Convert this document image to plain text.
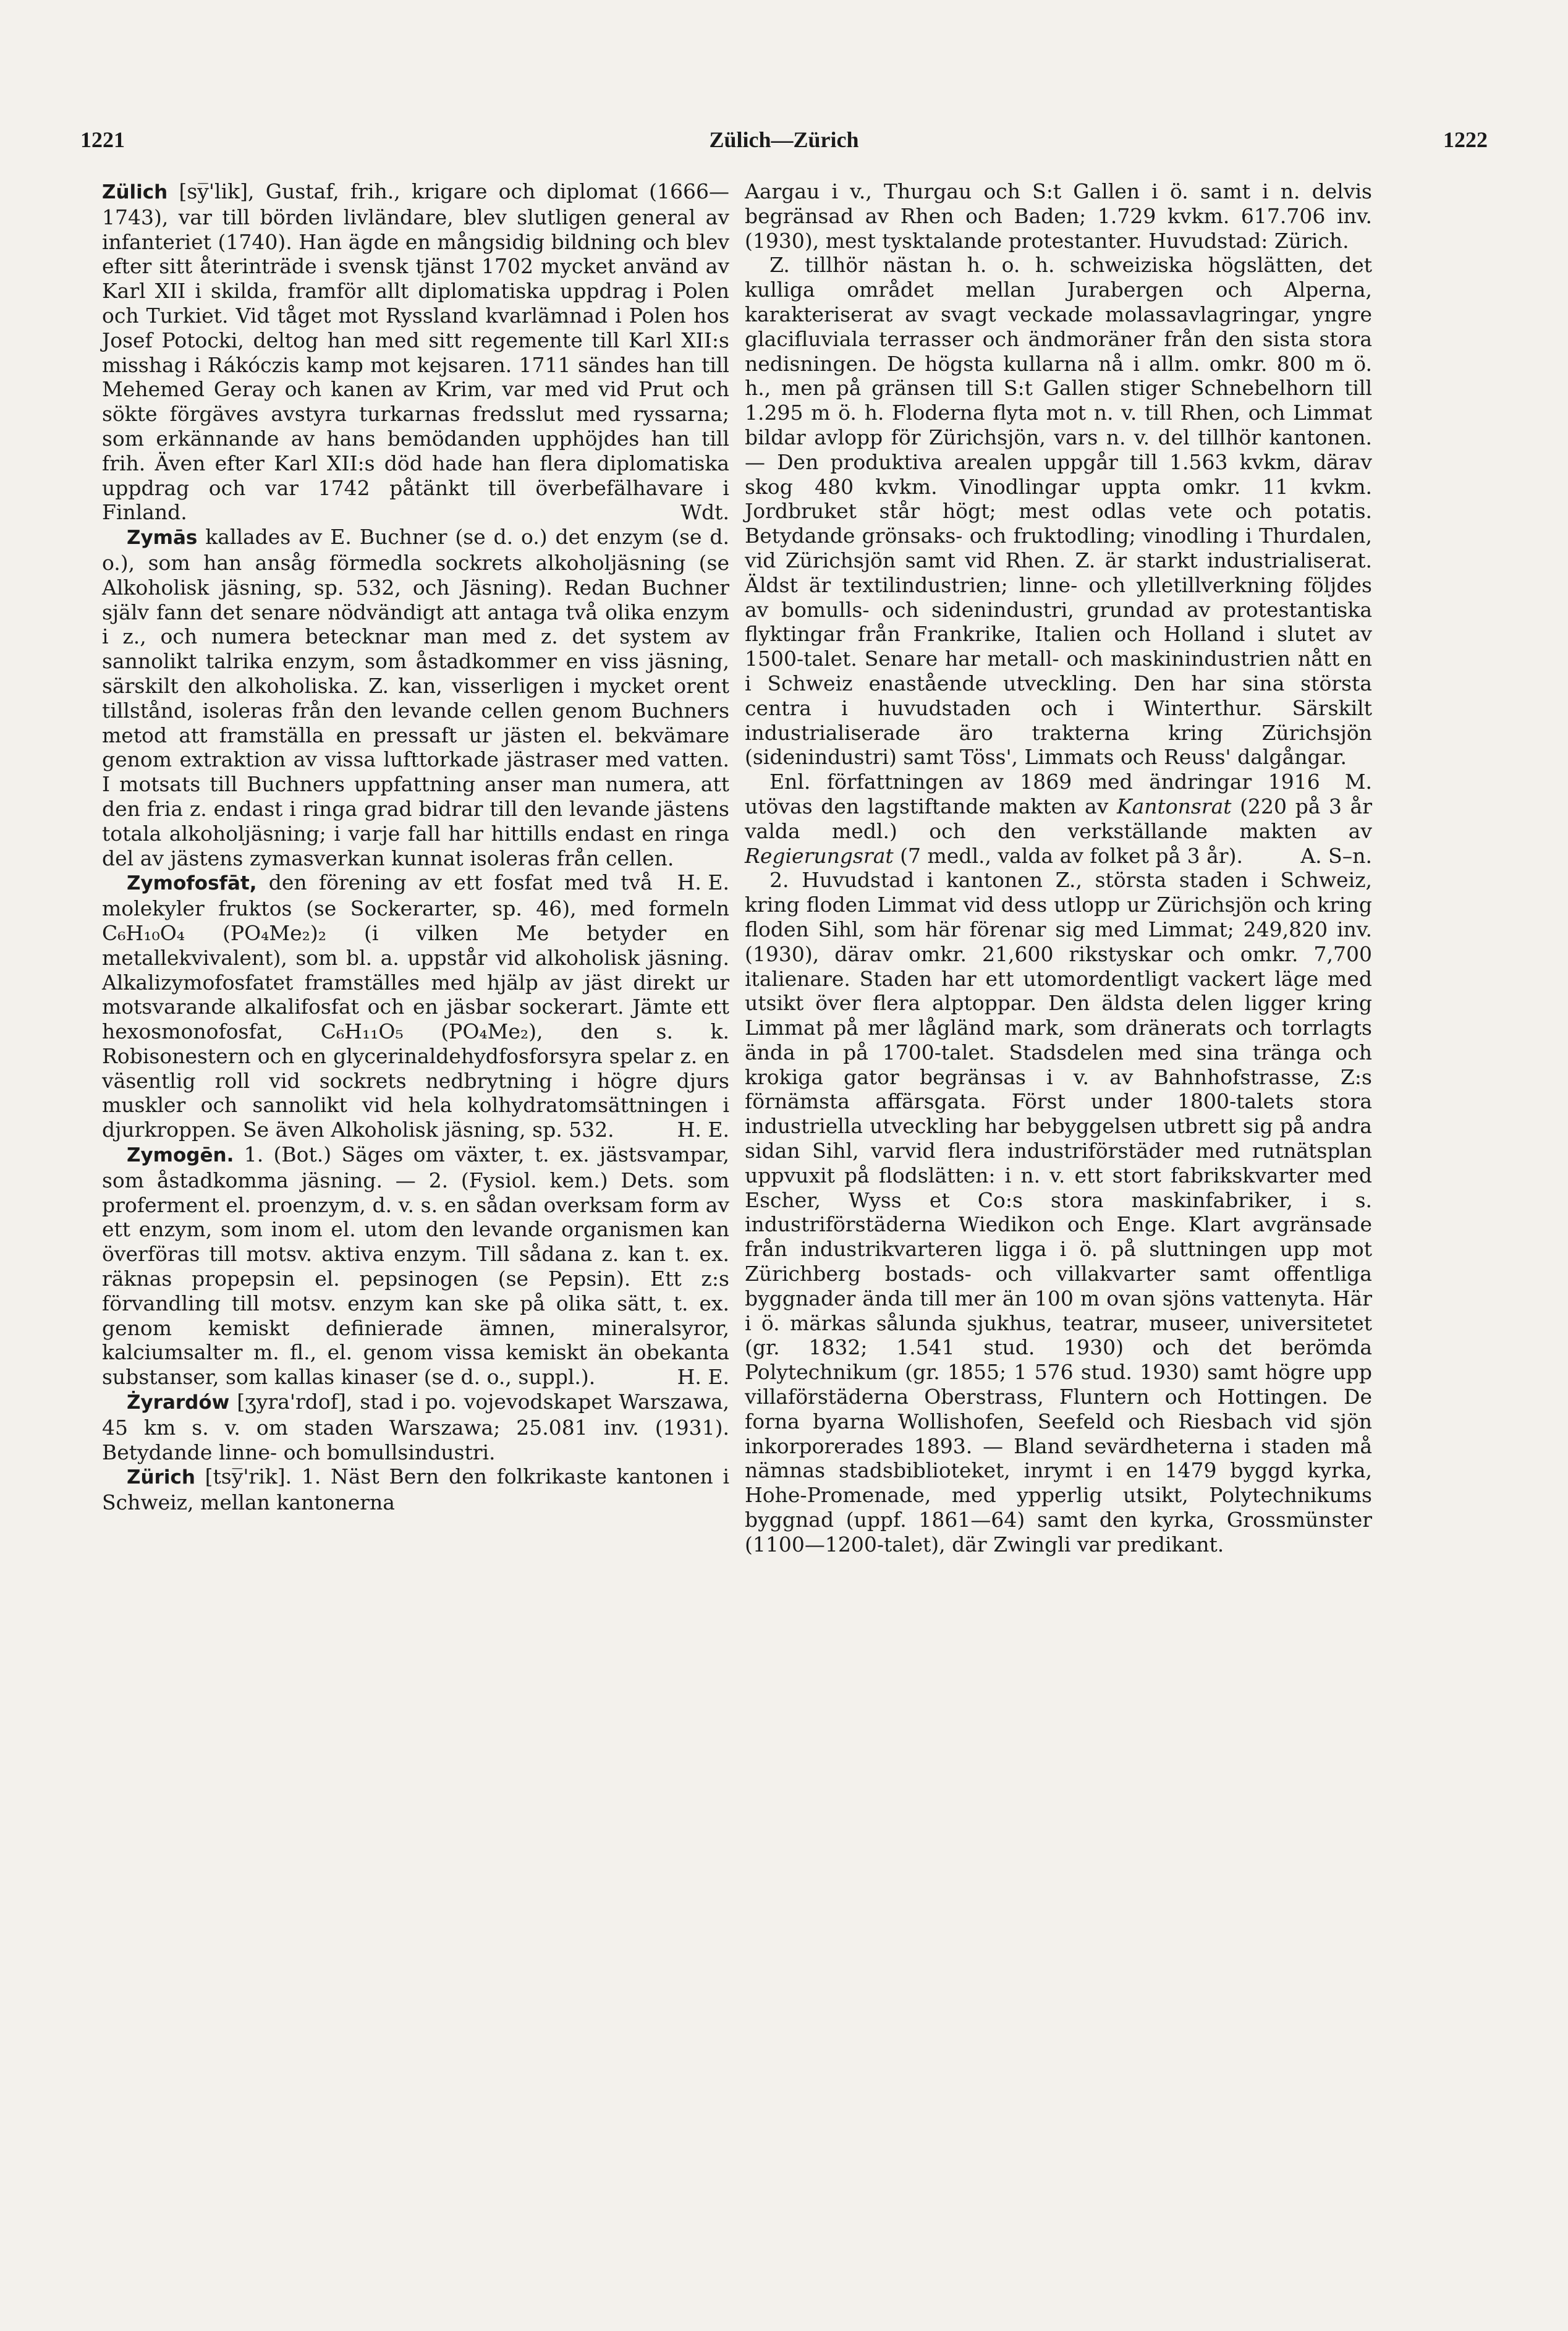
1221	Zülich—Zürich	1222

Zülich [sy̅'lik], Gustaf, frih., krigare och diplomat (1666—1743), var till börden livländare, blev slutligen general av infanteriet (1740). Han ägde en mångsidig bildning och blev efter sitt återinträde i svensk tjänst 1702 mycket använd av Karl XII i skilda, framför allt diplomatiska uppdrag i Polen och Turkiet. Vid tåget mot Ryssland kvarlämnad i Polen hos Josef Potocki, deltog han med sitt regemente till Karl XII:s misshag i Rákóczis kamp mot kejsaren. 1711 sändes han till Mehemed Geray och kanen av Krim, var med vid Prut och sökte förgäves avstyra turkarnas fredsslut med ryssarna; som erkännande av hans bemödanden upphöjdes han till frih. Även efter Karl XII:s död hade han flera diplomatiska uppdrag och var 1742 påtänkt till överbefälhavare i Finland.	Wdt.

Zymās kallades av E. Buchner (se d. o.) det enzym (se d. o.), som han ansåg förmedla sockrets alkoholjäsning (se Alkoholisk jäsning, sp. 532, och Jäsning). Redan Buchner själv fann det senare nödvändigt att antaga två olika enzym i z., och numera betecknar man med z. det system av sannolikt talrika enzym, som åstadkommer en viss jäsning, särskilt den alkoholiska. Z. kan, visserligen i mycket orent tillstånd, isoleras från den levande cellen genom Buchners metod att framställa en pressaft ur jästen el. bekvämare genom extraktion av vissa lufttorkade jästraser med vatten. I motsats till Buchners uppfattning anser man numera, att den fria z. endast i ringa grad bidrar till den levande jästens totala alkoholjäsning; i varje fall har hittills endast en ringa del av jästens zymasverkan kunnat isoleras från cellen.
H. E.

Zymofosfāt, den förening av ett fosfat med två molekyler fruktos (se Sockerarter, sp. 46), med formeln C₆H₁₀O₄ (PO₄Me₂)₂ (i vilken Me betyder en metallekvivalent), som bl. a. uppstår vid alkoholisk jäsning. Alkalizymofosfatet framställes med hjälp av jäst direkt ur motsvarande alkalifosfat och en jäsbar sockerart. Jämte ett hexosmonofosfat, C₆H₁₁O₅ (PO₄Me₂), den s. k. Robisonestern och en glycerinaldehydfosforsyra spelar z. en väsentlig roll vid sockrets nedbrytning i högre djurs muskler och sannolikt vid hela kolhydratomsättningen i djurkroppen. Se även Alkoholisk jäsning, sp. 532.	H. E.

Zymogēn. 1. (Bot.) Säges om växter, t. ex. jästsvampar, som åstadkomma jäsning. — 2. (Fysiol. kem.) Dets. som proferment el. proenzym, d. v. s. en sådan overksam form av ett enzym, som inom el. utom den levande organismen kan överföras till motsv. aktiva enzym. Till sådana z. kan t. ex. räknas propepsin el. pepsinogen (se Pepsin). Ett z:s förvandling till motsv. enzym kan ske på olika sätt, t. ex. genom kemiskt definierade ämnen, mineralsyror, kalciumsalter m. fl., el. genom vissa kemiskt än obekanta substanser, som kallas kinaser (se d. o., suppl.).	H. E.

Żyrardów [ʒyra'rdof], stad i po. vojevodskapet Warszawa, 45 km s. v. om staden Warszawa; 25.081 inv. (1931). Betydande linne- och bomullsindustri.

Zürich [tsy̅'rik]. 1. Näst Bern den folkrikaste kantonen i Schweiz, mellan kantonerna

Aargau i v., Thurgau och S:t Gallen i ö. samt i n. delvis begränsad av Rhen och Baden; 1.729 kvkm. 617.706 inv. (1930), mest tysktalande protestanter. Huvudstad: Zürich.

Z. tillhör nästan h. o. h. schweiziska högslätten, det kulliga området mellan Jurabergen och Alperna, karakteriserat av svagt veckade molassavlagringar, yngre glacifluviala terrasser och ändmoräner från den sista stora nedisningen. De högsta kullarna nå i allm. omkr. 800 m ö. h., men på gränsen till S:t Gallen stiger Schnebelhorn till 1.295 m ö. h. Floderna flyta mot n. v. till Rhen, och Limmat bildar avlopp för Zürichsjön, vars n. v. del tillhör kantonen. — Den produktiva arealen uppgår till 1.563 kvkm, därav skog 480 kvkm. Vinodlingar uppta omkr. 11 kvkm. Jordbruket står högt; mest odlas vete och potatis. Betydande grönsaks- och fruktodling; vinodling i Thurdalen, vid Zürichsjön samt vid Rhen. Z. är starkt industrialiserat. Äldst är textilindustrien; linne- och ylletillverkning följdes av bomulls- och sidenindustri, grundad av protestantiska flyktingar från Frankrike, Italien och Holland i slutet av 1500-talet. Senare har metall- och maskinindustrien nått en i Schweiz enastående utveckling. Den har sina största centra i huvudstaden och i Winterthur. Särskilt industrialiserade äro trakterna kring Zürichsjön (sidenindustri) samt Töss', Limmats och Reuss' dalgångar.
M.

Enl. författningen av 1869 med ändringar 1916 utövas den lagstiftande makten av Kantonsrat (220 på 3 år valda medl.) och den verkställande makten av Regierungsrat (7 medl., valda av folket på 3 år).	A. S–n.

2. Huvudstad i kantonen Z., största staden i Schweiz, kring floden Limmat vid dess utlopp ur Zürichsjön och kring floden Sihl, som här förenar sig med Limmat; 249,820 inv. (1930), därav omkr. 21,600 rikstyskar och omkr. 7,700 italienare. Staden har ett utomordentligt vackert läge med utsikt över flera alptoppar. Den äldsta delen ligger kring Limmat på mer lågländ mark, som dränerats och torrlagts ända in på 1700-talet. Stadsdelen med sina tränga och krokiga gator begränsas i v. av Bahnhofstrasse, Z:s förnämsta affärsgata. Först under 1800-talets stora industriella utveckling har bebyggelsen utbrett sig på andra sidan Sihl, varvid flera industriförstäder med rutnätsplan uppvuxit på flodslätten: i n. v. ett stort fabrikskvarter med Escher, Wyss et Co:s stora maskinfabriker, i s. industriförstäderna Wiedikon och Enge. Klart avgränsade från industrikvarteren ligga i ö. på sluttningen upp mot Zürichberg bostads- och villakvarter samt offentliga byggnader ända till mer än 100 m ovan sjöns vattenyta. Här i ö. märkas sålunda sjukhus, teatrar, museer, universitetet (gr. 1832; 1.541 stud. 1930) och det berömda Polytechnikum (gr. 1855; 1 576 stud. 1930) samt högre upp villaförstäderna Oberstrass, Fluntern och Hottingen. De forna byarna Wollishofen, Seefeld och Riesbach vid sjön inkorporerades 1893. — Bland sevärdheterna i staden må nämnas stadsbiblioteket, inrymt i en 1479 byggd kyrka, Hohe-Promenade, med ypperlig utsikt, Polytechnikums byggnad (uppf. 1861—64) samt den kyrka, Grossmünster (1100—1200-talet), där Zwingli var predikant.
